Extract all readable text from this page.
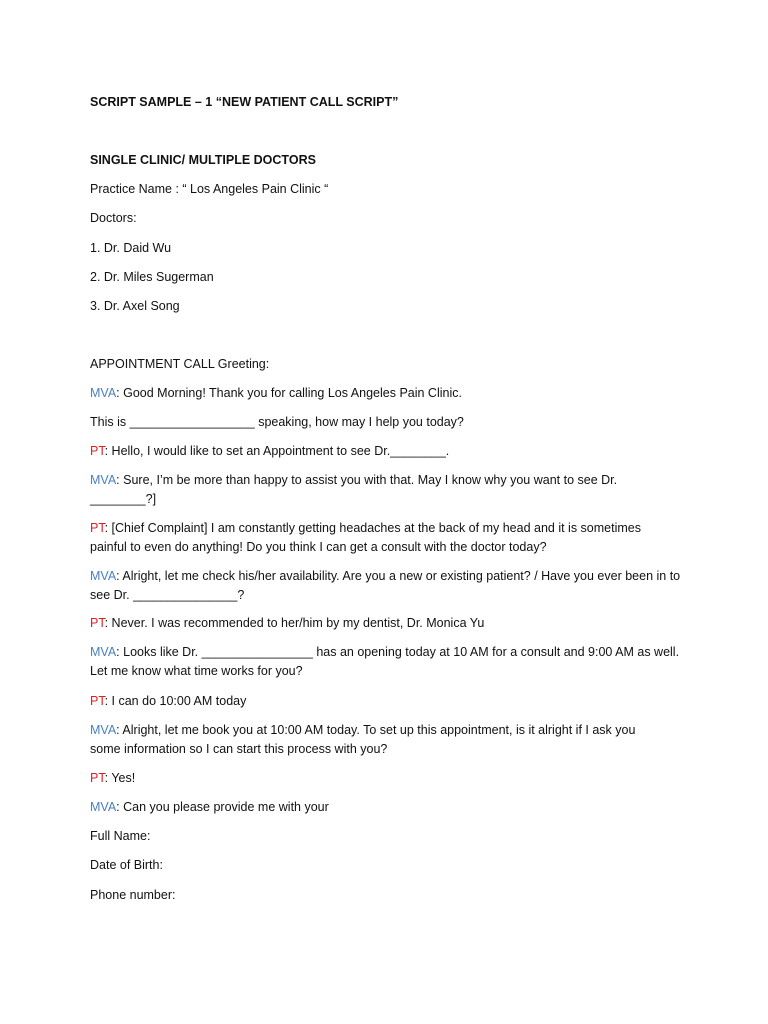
SCRIPT SAMPLE – 1 “NEW PATIENT CALL SCRIPT”

SINGLE CLINIC/ MULTIPLE DOCTORS

Practice Name : “ Los Angeles Pain Clinic “

Doctors:

1. Dr. Daid Wu

2. Dr. Miles Sugerman

3. Dr. Axel Song

APPOINTMENT CALL Greeting:

MVA: Good Morning! Thank you for calling Los Angeles Pain Clinic.

This is __________________ speaking, how may I help you today?

PT: Hello, I would like to set an Appointment to see Dr.________.

MVA: Sure, I’m be more than happy to assist you with that. May I know why you want to see Dr. ________?]

PT: [Chief Complaint] I am constantly getting headaches at the back of my head and it is sometimes painful to even do anything! Do you think I can get a consult with the doctor today?

MVA: Alright, let me check his/her availability. Are you a new or existing patient? / Have you ever been in to see Dr. _______________?

PT: Never. I was recommended to her/him by my dentist, Dr. Monica Yu

MVA: Looks like Dr. ________________ has an opening today at 10 AM for a consult and 9:00 AM as well. Let me know what time works for you?

PT: I can do 10:00 AM today

MVA: Alright, let me book you at 10:00 AM today. To set up this appointment, is it alright if I ask you some information so I can start this process with you?

PT: Yes!

MVA: Can you please provide me with your

Full Name:

Date of Birth:

Phone number:
